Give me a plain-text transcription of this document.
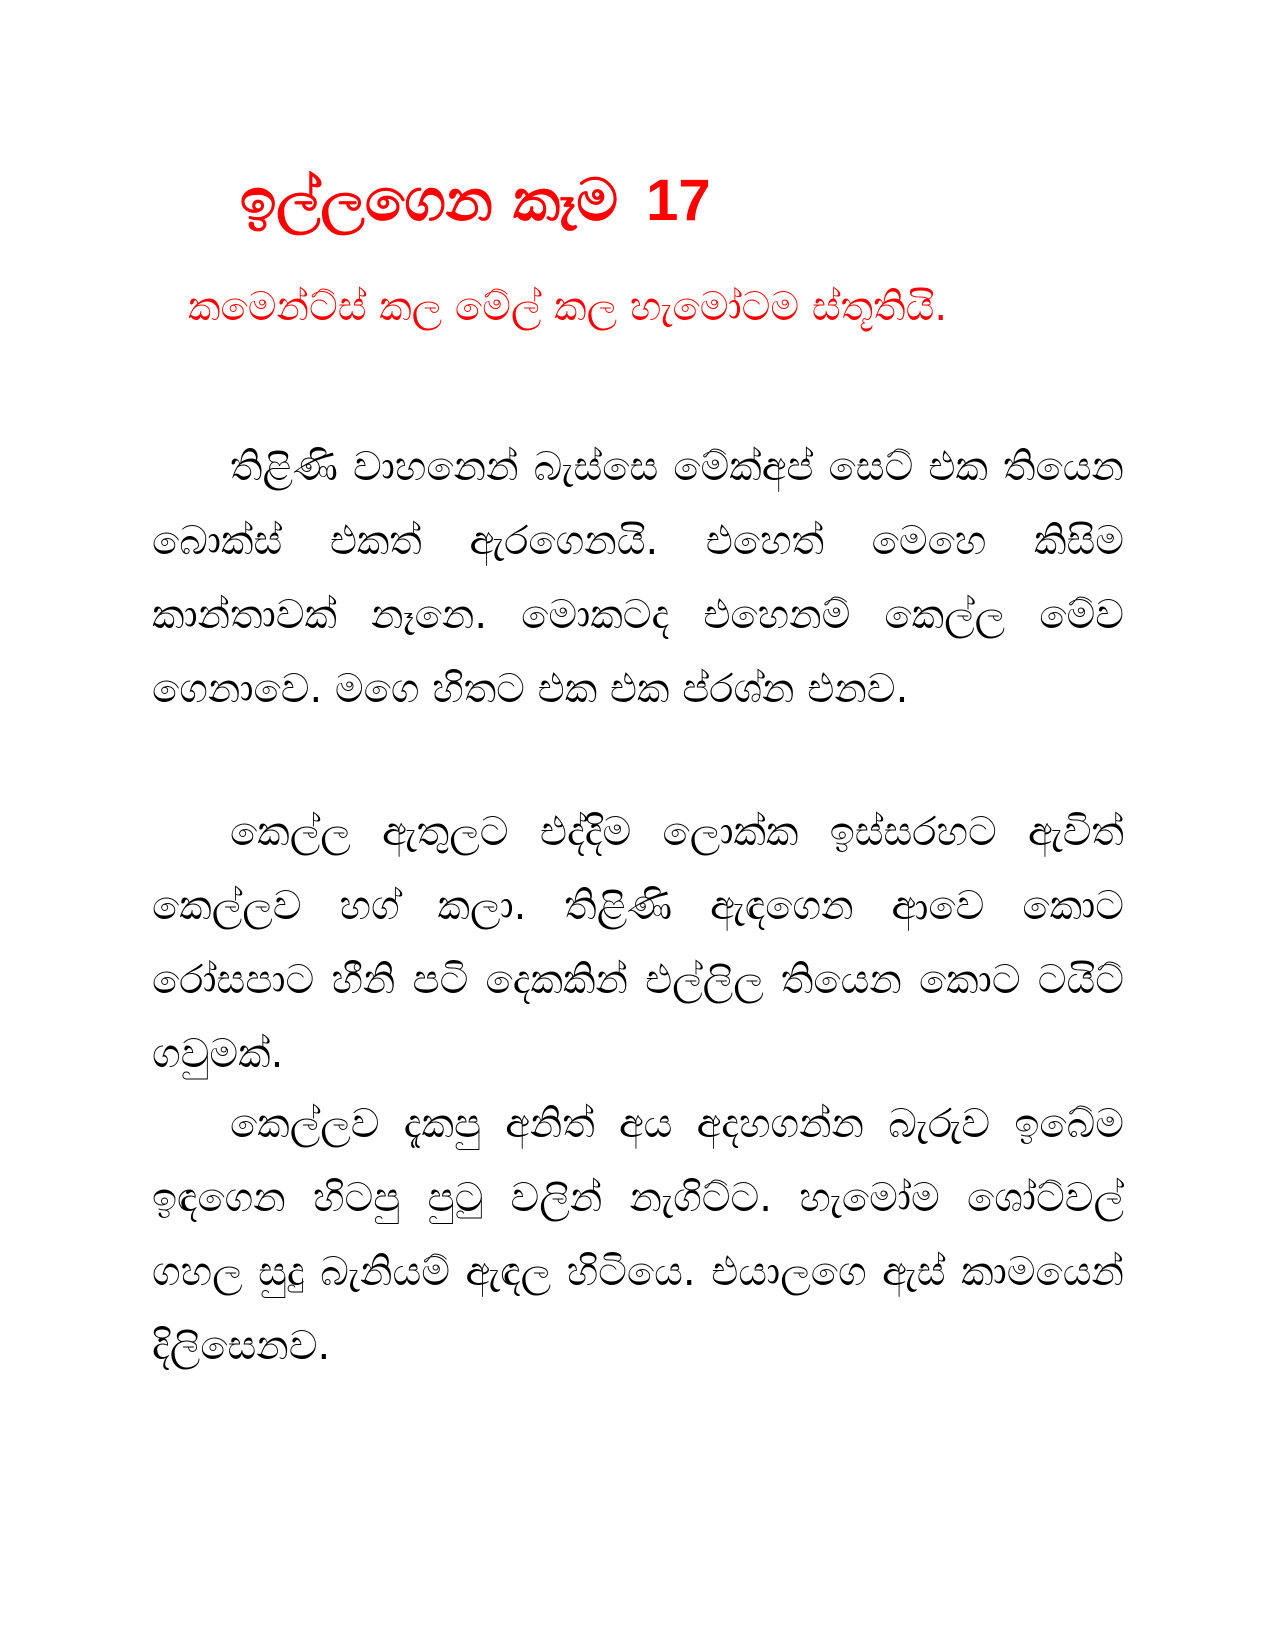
ඉල්ලගෙන කෑම 17
කමෙන්ට්ස් කල මේල් කල හැමෝටම ස්තූතියි.
තිළිණි වාහනෙන් බැස්සෙ මේක්අප් සෙට් එක තියෙන බොක්ස් එකත් ඇරගෙනයි. එහෙත් මෙහෙ කිසිම කාන්තාවක් නෑනෙ. මොකටද එහෙනම් කෙල්ල මේව ගෙනාවෙ. මගෙ හිතට එක එක ප්රශ්න එනව.
කෙල්ල ඇතුලට එද්දිම ලොක්ක ඉස්සරහට ඇවිත් කෙල්ලව හග් කලා. තිළිණි ඇඳගෙන ආවෙ කොට රෝසපාට හීනි පටි දෙකකින් එල්ලිල තියෙන කොට ටයිට් ගවුමක්.
කෙල්ලව දැකපු අනිත් අය අදහගන්න බැරුව ඉබේම ඉඳගෙන හිටපු පුටු වලින් නැගිට්ට. හැමෝම ශෝට්වල් ගහල සුදු බැනියම් ඇඳල හිටියෙ. එයාලගෙ ඇස් කාමයෙන් දිලිසෙනව.
